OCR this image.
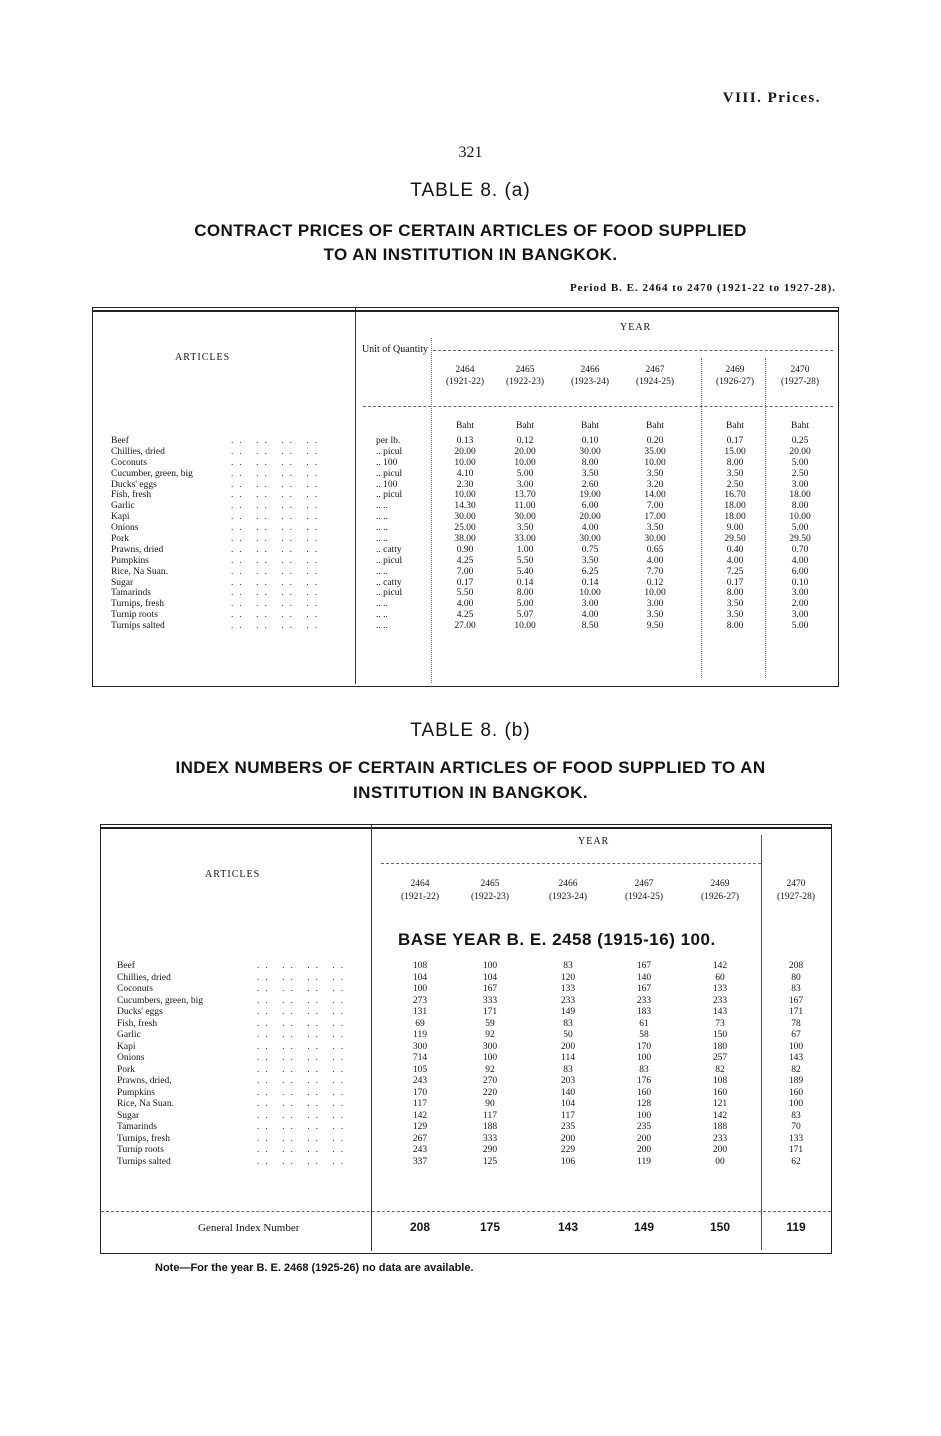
VIII. Prices.
321
TABLE 8. (a)
CONTRACT PRICES OF CERTAIN ARTICLES OF FOOD SUPPLIED
TO AN INSTITUTION IN BANGKOK.
Period B. E. 2464 to 2470 (1921-22 to 1927-28).
ARTICLES
Unit of Quantity
YEAR
2464
(1921-22)
Baht
2465
(1922-23)
Baht
2466
(1923-24)
Baht
2467
(1924-25)
Baht
2469
(1926-27)
Baht
2470
(1927-28)
Baht
Beef	.. .. .. ..	per lb.	0.13	0.12	0.10	0.20	0.17	0.25
Chillies, dried	.. .. .. ..	.. picul	20.00	20.00	30.00	35.00	15.00	20.00
Coconuts	.. .. .. ..	.. 100	10.00	10.00	8.00	10.00	8.00	5.00
Cucumber, green, big	.. .. .. ..	.. picul	4.10	5.00	3.50	3.50	3.50	2.50
Ducks' eggs	.. .. .. ..	.. 100	2.30	3.00	2.60	3.20	2.50	3.00
Fish, fresh	.. .. .. ..	.. picul	10.00	13.70	19.00	14.00	16.70	18.00
Garlic	.. .. .. ..	.. ..	14.30	11.00	6.00	7.00	18.00	8.00
Kapi	.. .. .. ..	.. ..	30.00	30.00	20.00	17.00	18.00	10.00
Onions	.. .. .. ..	.. ..	25.00	3.50	4.00	3.50	9.00	5.00
Pork	.. .. .. ..	.. ..	38.00	33.00	30.00	30.00	29.50	29.50
Prawns, dried	.. .. .. ..	.. catty	0.90	1.00	0.75	0.65	0.40	0.70
Pumpkins	.. .. .. ..	.. picul	4.25	5.50	3.50	4.00	4.00	4.00
Rice, Na Suan.	.. .. .. ..	.. ..	7.00	5.40	6.25	7.70	7.25	6.00
Sugar	.. .. .. ..	.. catty	0.17	0.14	0.14	0.12	0.17	0.10
Tamarinds	.. .. .. ..	.. picul	5.50	8.00	10.00	10.00	8.00	3.00
Turnips, fresh	.. .. .. ..	.. ..	4.00	5.00	3.00	3.00	3.50	2.00
Turnip roots	.. .. .. ..	.. ..	4.25	5.07	4.00	3.50	3.50	3.00
Turnips salted	.. .. .. ..	.. ..	27.00	10.00	8.50	9.50	8.00	5.00
TABLE 8. (b)
INDEX NUMBERS OF CERTAIN ARTICLES OF FOOD SUPPLIED TO AN
INSTITUTION IN BANGKOK.
ARTICLES
YEAR
2464
(1921-22)
2465
(1922-23)
2466
(1923-24)
2467
(1924-25)
2469
(1926-27)
2470
(1927-28)
BASE YEAR B. E. 2458 (1915-16) 100.
Beef	.. .. .. ..	108	100	83	167	142	208
Chillies, dried	.. .. .. ..	104	104	120	140	60	80
Coconuts	.. .. .. ..	100	167	133	167	133	83
Cucumbers, green, big	.. .. .. ..	273	333	233	233	233	167
Ducks' eggs	.. .. .. ..	131	171	149	183	143	171
Fish, fresh	.. .. .. ..	69	59	83	61	73	78
Garlic	.. .. .. ..	119	92	50	58	150	67
Kapi	.. .. .. ..	300	300	200	170	180	100
Onions	.. .. .. ..	714	100	114	100	257	143
Pork	.. .. .. ..	105	92	83	83	82	82
Prawns, dried,	.. .. .. ..	243	270	203	176	108	189
Pumpkins	.. .. .. ..	170	220	140	160	160	160
Rice, Na Suan.	.. .. .. ..	117	90	104	128	121	100
Sugar	.. .. .. ..	142	117	117	100	142	83
Tamarinds	.. .. .. ..	129	188	235	235	188	70
Turnips, fresh	.. .. .. ..	267	333	200	200	233	133
Turnip roots	.. .. .. ..	243	290	229	200	200	171
Turnips salted	.. .. .. ..	337	125	106	119	00	62
General Index Number	208	175	143	149	150	119
Note—For the year B. E. 2468 (1925-26) no data are available.
